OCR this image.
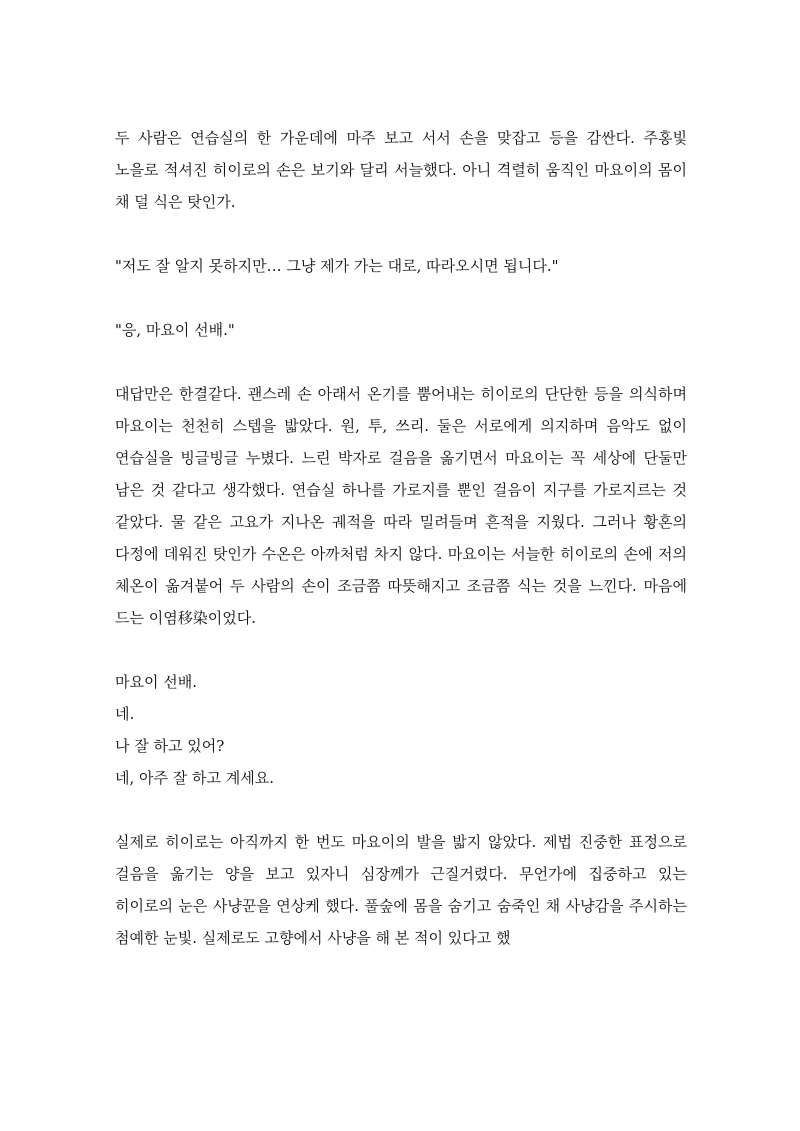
두 사람은 연습실의 한 가운데에 마주 보고 서서 손을 맞잡고 등을 감싼다. 주홍빛 노을로 적셔진 히이로의 손은 보기와 달리 서늘했다. 아니 격렬히 움직인 마요이의 몸이 채 덜 식은 탓인가.

"저도 잘 알지 못하지만… 그냥 제가 가는 대로, 따라오시면 됩니다."

"응, 마요이 선배."

대답만은 한결같다. 괜스레 손 아래서 온기를 뿜어내는 히이로의 단단한 등을 의식하며 마요이는 천천히 스텝을 밟았다. 원, 투, 쓰리. 둘은 서로에게 의지하며 음악도 없이 연습실을 빙글빙글 누볐다. 느린 박자로 걸음을 옮기면서 마요이는 꼭 세상에 단둘만 남은 것 같다고 생각했다. 연습실 하나를 가로지를 뿐인 걸음이 지구를 가로지르는 것 같았다. 물 같은 고요가 지나온 궤적을 따라 밀려들며 흔적을 지웠다. 그러나 황혼의 다정에 데워진 탓인가 수온은 아까처럼 차지 않다. 마요이는 서늘한 히이로의 손에 저의 체온이 옮겨붙어 두 사람의 손이 조금쯤 따뜻해지고 조금쯤 식는 것을 느낀다. 마음에 드는 이염移染이었다.

마요이 선배.

네.

나 잘 하고 있어?

네, 아주 잘 하고 계세요.

실제로 히이로는 아직까지 한 번도 마요이의 발을 밟지 않았다. 제법 진중한 표정으로 걸음을 옮기는 양을 보고 있자니 심장께가 근질거렸다. 무언가에 집중하고 있는 히이로의 눈은 사냥꾼을 연상케 했다. 풀숲에 몸을 숨기고 숨죽인 채 사냥감을 주시하는 첨예한 눈빛. 실제로도 고향에서 사냥을 해 본 적이 있다고 했
